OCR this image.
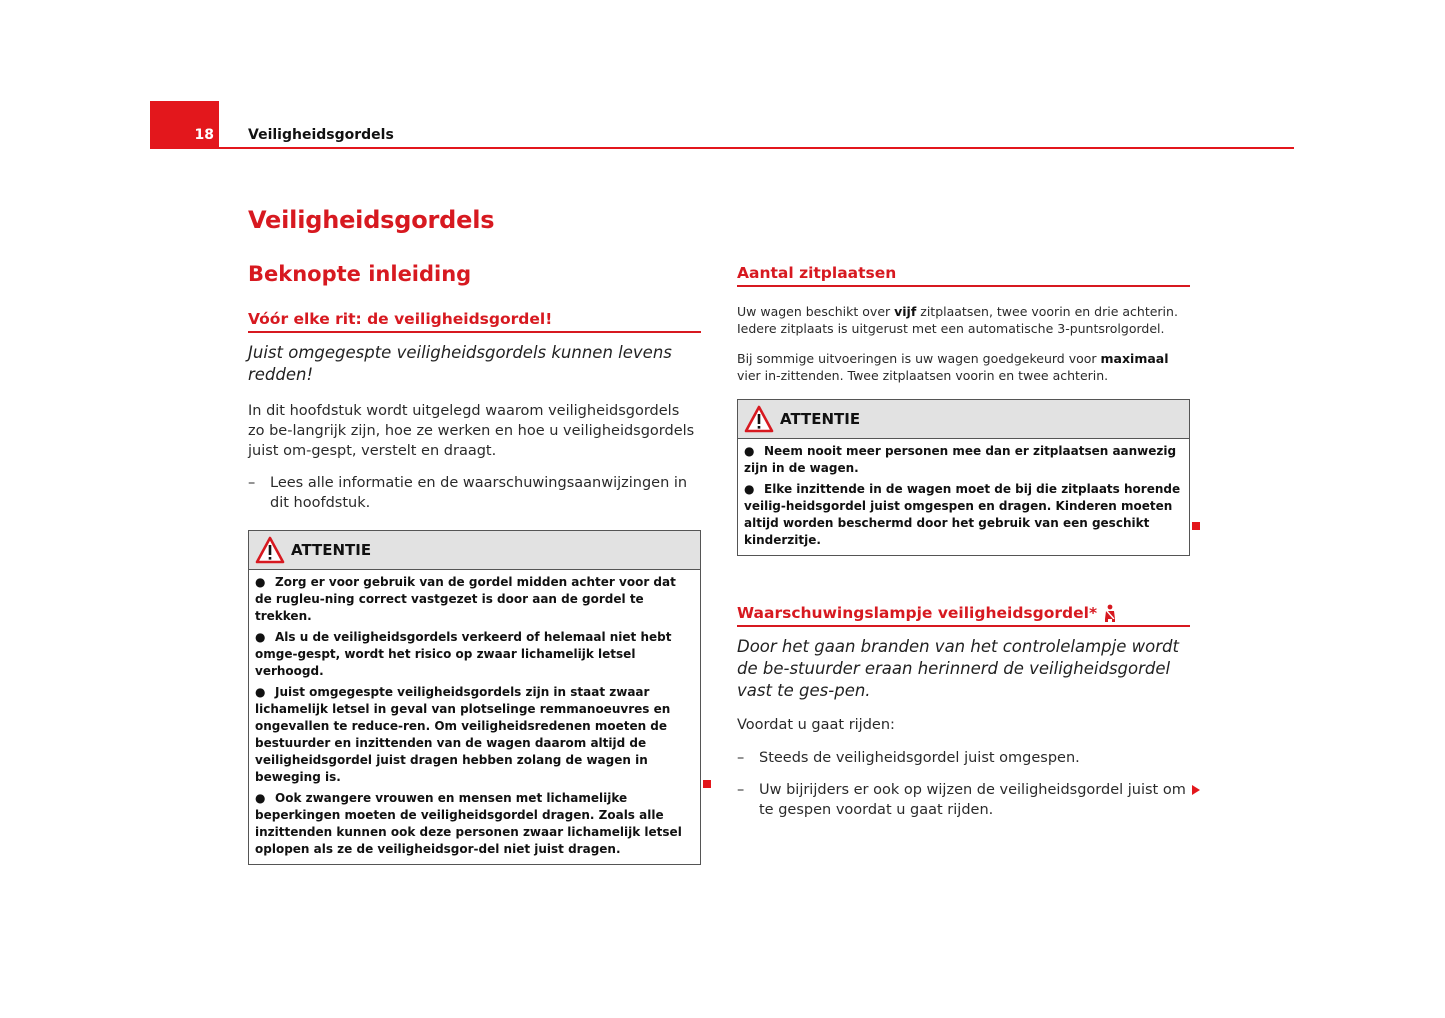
18 Veiligheidsgordels
Veiligheidsgordels
Beknopte inleiding
Vóór elke rit: de veiligheidsgordel!
Juist omgegespte veiligheidsgordels kunnen levens redden!
In dit hoofdstuk wordt uitgelegd waarom veiligheidsgordels zo be-langrijk zijn, hoe ze werken en hoe u veiligheidsgordels juist om-gespt, verstelt en draagt.
– Lees alle informatie en de waarschuwingsaanwijzingen in dit hoofdstuk.
ATTENTIE
● Zorg er voor gebruik van de gordel midden achter voor dat de rugleu-ning correct vastgezet is door aan de gordel te trekken.
● Als u de veiligheidsgordels verkeerd of helemaal niet hebt omge-gespt, wordt het risico op zwaar lichamelijk letsel verhoogd.
● Juist omgegespte veiligheidsgordels zijn in staat zwaar lichamelijk letsel in geval van plotselinge remmanoeuvres en ongevallen te reduce-ren. Om veiligheidsredenen moeten de bestuurder en inzittenden van de wagen daarom altijd de veiligheidsgordel juist dragen hebben zolang de wagen in beweging is.
● Ook zwangere vrouwen en mensen met lichamelijke beperkingen moeten de veiligheidsgordel dragen. Zoals alle inzittenden kunnen ook deze personen zwaar lichamelijk letsel oplopen als ze de veiligheidsgor-del niet juist dragen.
Aantal zitplaatsen
Uw wagen beschikt over vijf zitplaatsen, twee voorin en drie achterin. Iedere zitplaats is uitgerust met een automatische 3-puntsrolgordel.
Bij sommige uitvoeringen is uw wagen goedgekeurd voor maximaal vier in-zittenden. Twee zitplaatsen voorin en twee achterin.
ATTENTIE
● Neem nooit meer personen mee dan er zitplaatsen aanwezig zijn in de wagen.
● Elke inzittende in de wagen moet de bij die zitplaats horende veilig-heidsgordel juist omgespen en dragen. Kinderen moeten altijd worden beschermd door het gebruik van een geschikt kinderzitje.
Waarschuwingslampje veiligheidsgordel*
Door het gaan branden van het controlelampje wordt de be-stuurder eraan herinnerd de veiligheidsgordel vast te ges-pen.
Voordat u gaat rijden:
– Steeds de veiligheidsgordel juist omgespen.
– Uw bijrijders er ook op wijzen de veiligheidsgordel juist om te gespen voordat u gaat rijden.
